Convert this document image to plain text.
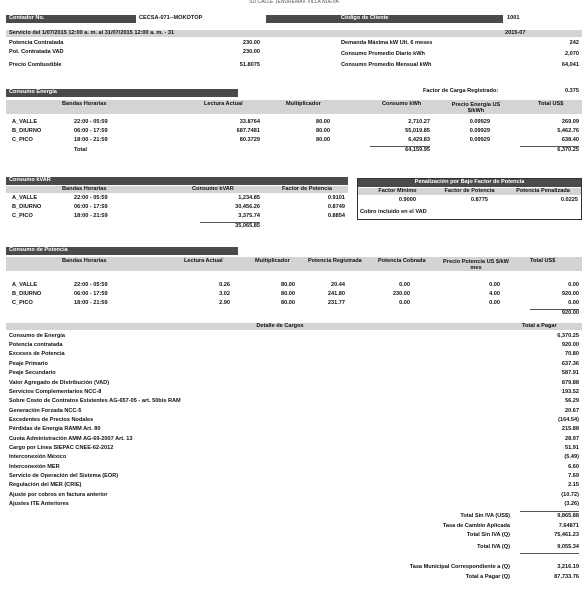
SU CALLE 1ENUREMAX VILLA NUEVA
Contador No.	CECSA-071--MOKOTOP	Código de Cliente	1001
Servicio del 1/07/2015 12:00 a. m. al 31/07/2015 12:00 a. m. - 31	2015-07
Potencia Contratada	230.00
Pot. Contratada VAD	230.00
Precio Combustible	51.8075
Demanda Máxima kW Ult. 6 meses	242
Consumo Promedio Diario kWh	2,070
Consumo Promedio Mensual kWh	64,041
Consumo Energía	Factor de Carga Registrado:	0.375
Bandas Horarias	Lectura Actual	Multiplicador	Consumo kWh	Precio Energía US $/kWh
Total US$
A_VALLE	22:00 - 05:59	33.8764	80.00	2,710.27	0.09929	269.09
B_DIURNO	06:00 - 17:59	687.7481	80.00	55,019.85	0.09929	5,462.76
C_PICO	18:00 - 21:59	80.3729	80.00	6,429.83	0.09929	638.40
Total	64,159.95	6,370.25
Consumo kVAR
Bandas Horarias	Consumo kVAR	Factor de Potencia
A_VALLE	22:00 - 05:59	1,234.85	0.9101
B_DIURNO	06:00 - 17:59	30,456.26	0.8749
C_PICO	18:00 - 21:59	3,375.74	0.8854
35,065.85
Penalización por Bajo Factor de Potencia
Factor Mínimo	Factor de Potencia	Potencia Penalizada
0.9000	0.8775	0.0225
Cobro incluido en el VAD
Consumo de Potencia
Bandas Horarias	Lectura Actual	Multiplicador	Potencia Registrada	Potencia Cobrada	Precio Potencia US $/kW mes
Total US$
A_VALLE	22:00 - 05:59	0.26	80.00	20.44	0.00	0.00	0.00
B_DIURNO	06:00 - 17:59	3.02	80.00	241.80	230.00	4.00	920.00
C_PICO	18:00 - 21:59	2.90	80.00	231.77	0.00	0.00	0.00
920.00
Detalle de Cargos	Total a Pagar
Consumo de Energía	6,370.25
Potencia contratada	920.00
Excesos de Potencia	70.80
Peaje Primario	637.36
Peaje Secundario	587.91
Valor Agregado de Distribución (VAD)	879.88
Servicios Complementarios NCC-8	193.52
Sobre Costo de Contratos Existentes AG-657-05 - art. 50bis RAM	56.29
Generación Forzada NCC-5	20.67
Excedentes de Precios Nodales	(164.54)
Pérdidas de Energía RAMM Art. 80	215.88
Cuota Administración AMM AG-69-2007 Art. 13	28.97
Cargo por Línea SIEPAC CNEE-62-2012	51.91
Interconexión México	(5.49)
Interconexión MER	6.60
Servicio de Operación del Sistema (EOR)	7.69
Regulación del MER (CRIE)	2.15
Ajuste por cobros en factura anterior	(10.72)
Ajustes ITE Anteriores	(3.26)
Total Sin IVA (US$)	9,865.88
Tasa de Cambio Aplicada	7.64871
Total Sin IVA (Q)	75,461.23
Total IVA (Q)	9,055.34
Tasa Municipal Correspondiente a (Q)	3,216.19
Total a Pagar (Q)	87,733.76
